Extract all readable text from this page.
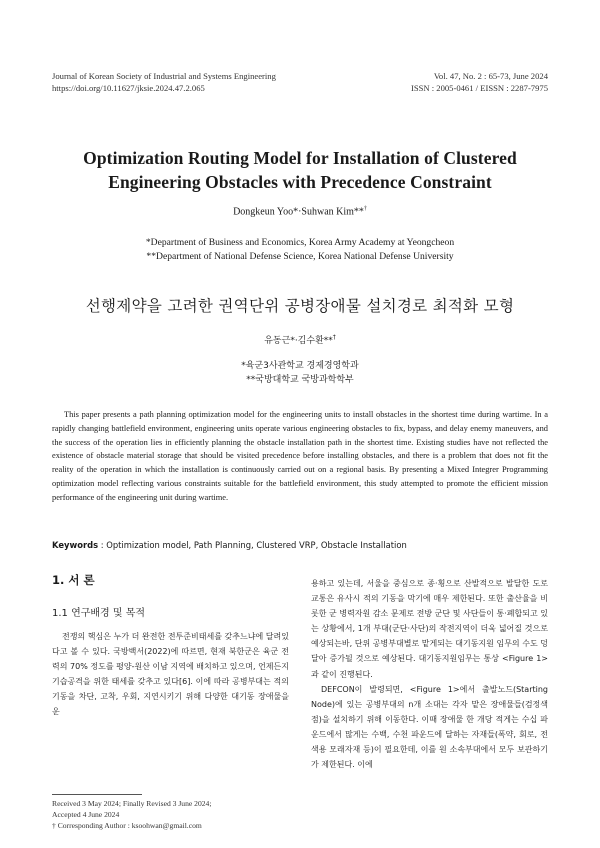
Journal of Korean Society of Industrial and Systems Engineering
https://doi.org/10.11627/jksie.2024.47.2.065
Vol. 47, No. 2 : 65-73, June 2024
ISSN : 2005-0461 / EISSN : 2287-7975
Optimization Routing Model for Installation of Clustered
Engineering Obstacles with Precedence Constraint
Dongkeun Yoo*·Suhwan Kim**†
*Department of Business and Economics, Korea Army Academy at Yeongcheon
**Department of National Defense Science, Korea National Defense University
선행제약을 고려한 권역단위 공병장애물 설치경로 최적화 모형
유동근*·김수환**†
*육군3사관학교 경제경영학과
**국방대학교 국방과학학부
This paper presents a path planning optimization model for the engineering units to install obstacles in the shortest time during wartime. In a rapidly changing battlefield environment, engineering units operate various engineering obstacles to fix, bypass, and delay enemy maneuvers, and the success of the operation lies in efficiently planning the obstacle installation path in the shortest time. Existing studies have not reflected the existence of obstacle material storage that should be visited precedence before installing obstacles, and there is a problem that does not fit the reality of the operation in which the installation is continuously carried out on a regional basis. By presenting a Mixed Integrer Programming optimization model reflecting various constraints suitable for the battlefield environment, this study attempted to promote the efficient mission performance of the engineering unit during wartime.
Keywords : Optimization model, Path Planning, Clustered VRP, Obstacle Installation
1. 서 론
1.1 연구배경 및 목적
전쟁의 핵심은 누가 더 완전한 전투준비태세를 갖추느냐에 달려있다고 볼 수 있다. 국방백서(2022)에 따르면, 현재 북한군은 육군 전력의 70% 정도를 평양-원산 이남 지역에 배치하고 있으며, 언제든지 기습공격을 위한 태세를 갖추고 있다[6]. 이에 따라 공병부대는 적의 기동을 차단, 고착, 우회, 지연시키기 위해 다양한 대기동 장애물을 운

용하고 있는데, 서울을 중심으로 종·횡으로 산발적으로 발달한 도로교통은 유사시 적의 기동을 막기에 매우 제한된다. 또한 출산율을 비롯한 군 병력자원 감소 문제로 전방 군단 및 사단들이 통·폐합되고 있는 상황에서, 1개 부대(군단·사단)의 작전지역이 더욱 넓어질 것으로 예상되는바, 단위 공병부대별로 맡게되는 대기동지원 임무의 수도 덩달아 증가될 것으로 예상된다. 대기동지원임무는 통상 <Figure 1>과 같이 진행된다.

DEFCON이 발령되면, <Figure 1>에서 출발노드(Starting Node)에 있는 공병부대의 n개 소대는 각자 맡은 장애물들(검정색 점)을 설치하기 위해 이동한다. 이때 장애물 한 개당 적게는 수십 파운드에서 많게는 수백, 수천 파운드에 달하는 자재들(폭약, 회로, 전색용 모래자재 등)이 필요한데, 이를 원 소속부대에서 모두 보관하기가 제한된다. 이에

Received 3 May 2024; Finally Revised 3 June 2024;
Accepted 4 June 2024
† Corresponding Author : ksoohwan@gmail.com
